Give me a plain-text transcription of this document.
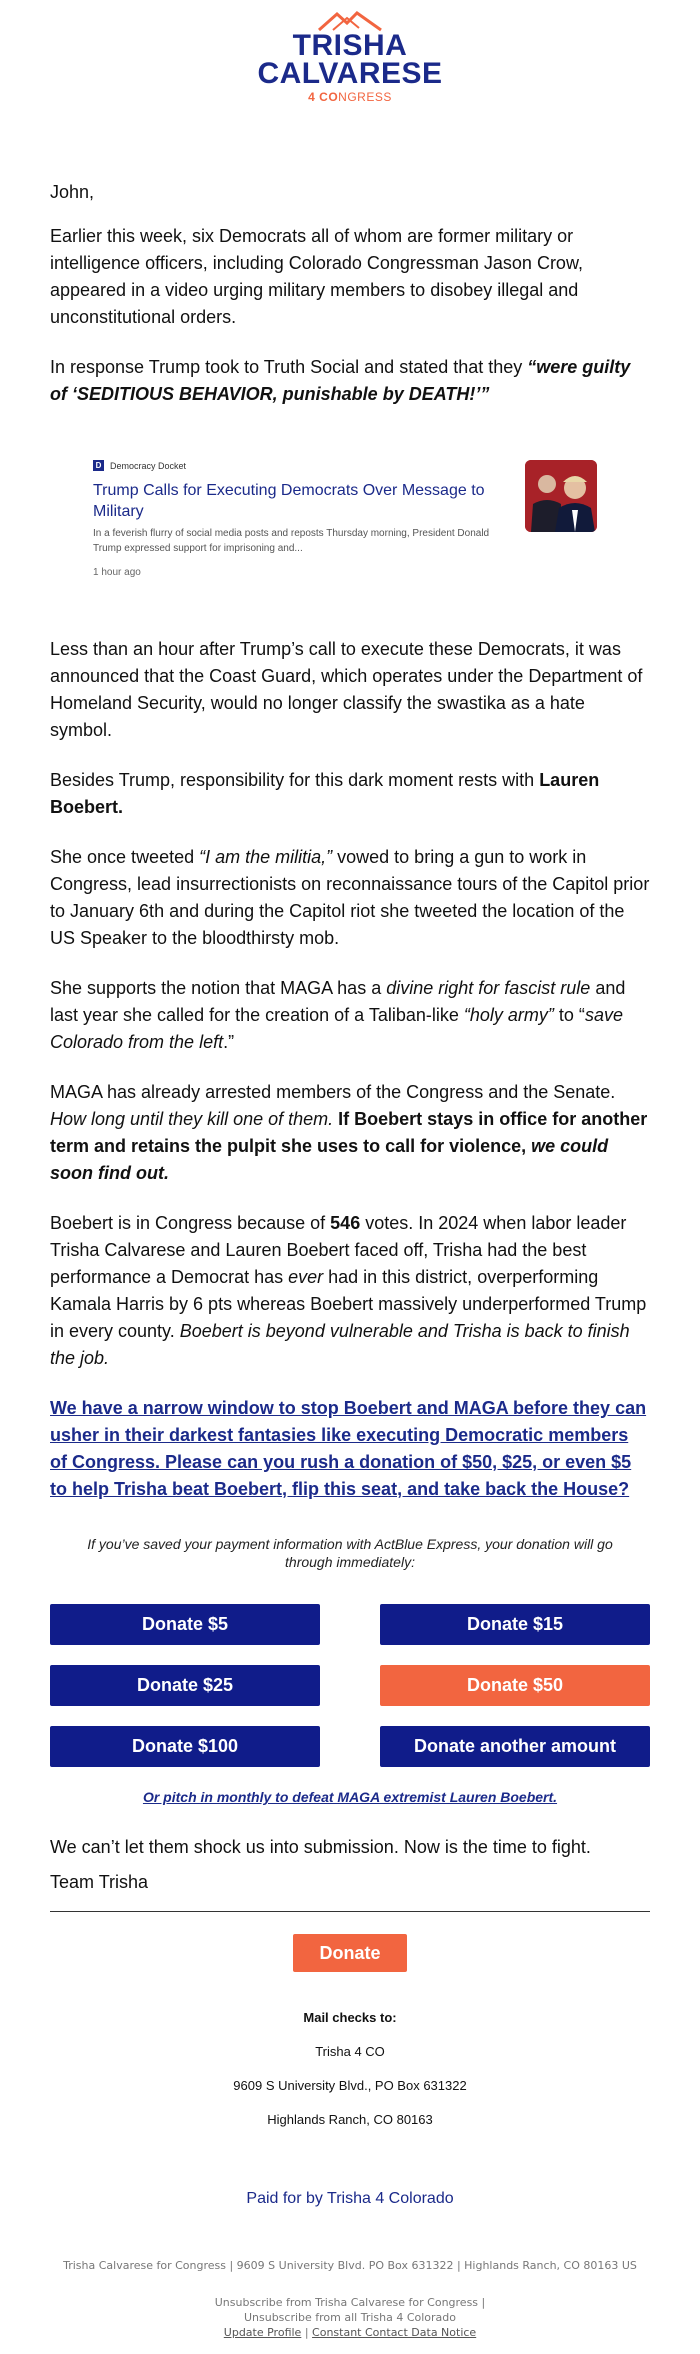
TRISHA
CALVARESE
4 CONGRESS
John,

Earlier this week, six Democrats all of whom are former military or intelligence officers, including Colorado Congressman Jason Crow, appeared in a video urging military members to disobey illegal and unconstitutional orders.

In response Trump took to Truth Social and stated that they “were guilty of ‘SEDITIOUS BEHAVIOR, punishable by DEATH!’”

D Democracy Docket
Trump Calls for Executing Democrats Over Message to Military
In a feverish flurry of social media posts and reposts Thursday morning, President Donald Trump expressed support for imprisoning and...
1 hour ago

Less than an hour after Trump’s call to execute these Democrats, it was announced that the Coast Guard, which operates under the Department of Homeland Security, would no longer classify the swastika as a hate symbol.

Besides Trump, responsibility for this dark moment rests with Lauren Boebert.

She once tweeted “I am the militia,” vowed to bring a gun to work in Congress, lead insurrectionists on reconnaissance tours of the Capitol prior to January 6th and during the Capitol riot she tweeted the location of the US Speaker to the bloodthirsty mob.

She supports the notion that MAGA has a divine right for fascist rule and last year she called for the creation of a Taliban-like “holy army” to “save Colorado from the left.”

MAGA has already arrested members of the Congress and the Senate. How long until they kill one of them. If Boebert stays in office for another term and retains the pulpit she uses to call for violence, we could soon find out.

Boebert is in Congress because of 546 votes. In 2024 when labor leader Trisha Calvarese and Lauren Boebert faced off, Trisha had the best performance a Democrat has ever had in this district, overperforming Kamala Harris by 6 pts whereas Boebert massively underperformed Trump in every county. Boebert is beyond vulnerable and Trisha is back to finish the job.

We have a narrow window to stop Boebert and MAGA before they can usher in their darkest fantasies like executing Democratic members of Congress. Please can you rush a donation of $50, $25, or even $5 to help Trisha beat Boebert, flip this seat, and take back the House?

If you’ve saved your payment information with ActBlue Express, your donation will go through immediately:
Donate $5	Donate $15
Donate $25	Donate $50
Donate $100	Donate another amount
Or pitch in monthly to defeat MAGA extremist Lauren Boebert.
We can’t let them shock us into submission. Now is the time to fight.
Team Trisha
Donate
Mail checks to:
Trisha 4 CO
9609 S University Blvd., PO Box 631322
Highlands Ranch, CO 80163
Paid for by Trisha 4 Colorado
Trisha Calvarese for Congress | 9609 S University Blvd. PO Box 631322 | Highlands Ranch, CO 80163 US
Unsubscribe from Trisha Calvarese for Congress |
Unsubscribe from all Trisha 4 Colorado
Update Profile | Constant Contact Data Notice
